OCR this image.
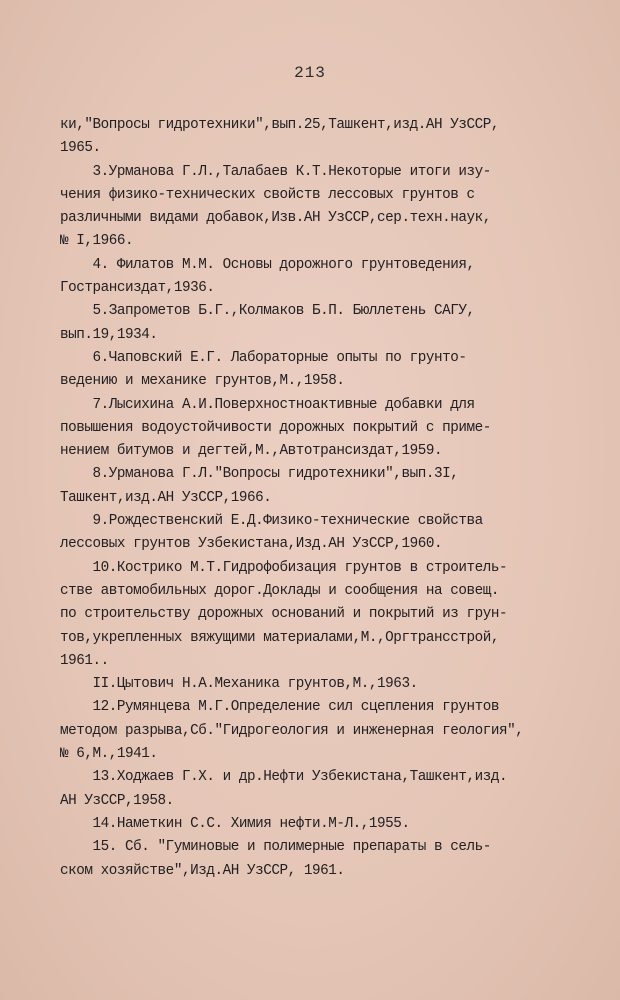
213
ки,"Вопросы гидротехники",вып.25,Ташкент,изд.АН УзССР,
1965.
3.Урманова Г.Л.,Талабаев К.Т.Некоторые итоги изу-
чения физико-технических свойств лессовых грунтов с
различными видами добавок,Изв.АН УзССР,сер.техн.наук,
№ I,1966.
4. Филатов М.М. Основы дорожного грунтоведения,
Гострансиздат,1936.
5.Запрометов Б.Г.,Колмаков Б.П. Бюллетень САГУ,
вып.19,1934.
6.Чаповский Е.Г. Лабораторные опыты по грунто-
ведению и механике грунтов,М.,1958.
7.Лысихина А.И.Поверхностноактивные добавки для
повышения водоустойчивости дорожных покрытий с приме-
нением битумов и дегтей,М.,Автотрансиздат,1959.
8.Урманова Г.Л."Вопросы гидротехники",вып.3I,
Ташкент,изд.АН УзССР,1966.
9.Рождественский Е.Д.Физико-технические свойства
лессовых грунтов Узбекистана,Изд.АН УзССР,1960.
10.Кострико М.Т.Гидрофобизация грунтов в строитель-
стве автомобильных дорог.Доклады и сообщения на совещ.
по строительству дорожных оснований и покрытий из грун-
тов,укрепленных вяжущими материалами,М.,Оргтрансстрой,
1961..
II.Цытович Н.А.Механика грунтов,М.,1963.
12.Румянцева М.Г.Определение сил сцепления грунтов
методом разрыва,Сб."Гидрогеология и инженерная геология",
№ 6,М.,1941.
13.Ходжаев Г.Х. и др.Нефти Узбекистана,Ташкент,изд.
АН УзССР,1958.
14.Наметкин С.С. Химия нефти.М-Л.,1955.
15. Сб. "Гуминовые и полимерные препараты в сель-
ском хозяйстве",Изд.АН УзССР, 1961.
